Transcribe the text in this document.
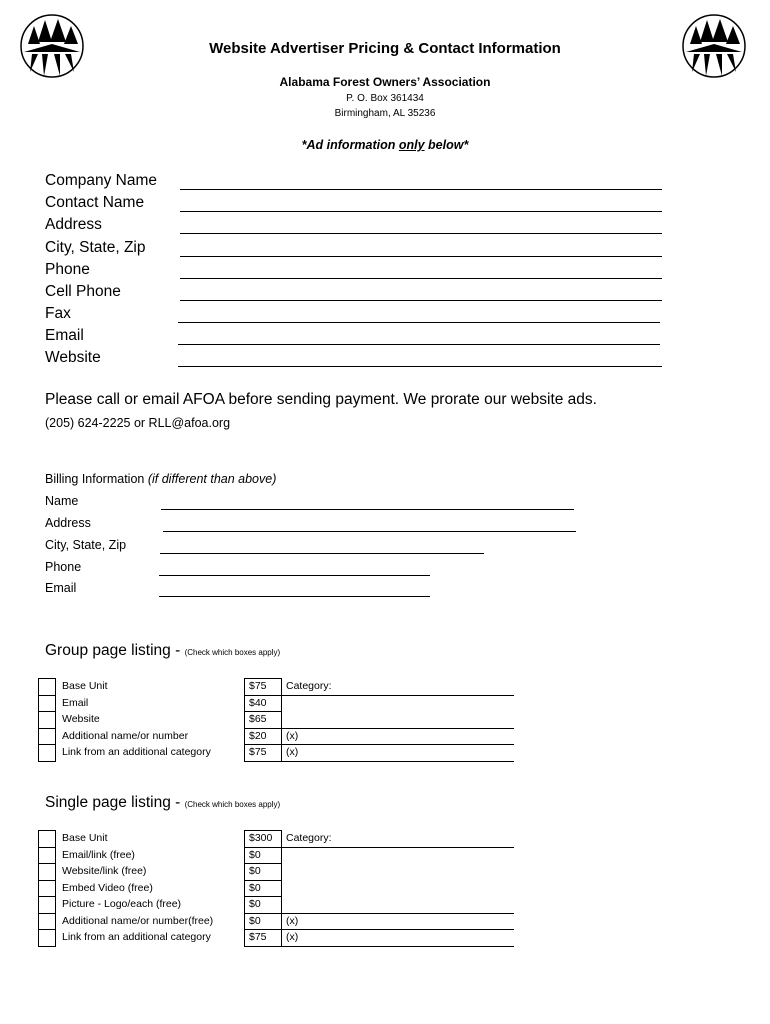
Website Advertiser Pricing & Contact Information
Alabama Forest Owners’ Association
P. O. Box 361434
Birmingham, AL 35236
*Ad information only below*
Company Name
Contact Name
Address
City, State, Zip
Phone
Cell Phone
Fax
Email
Website
Please call or email AFOA before sending payment. We prorate our website ads.
(205) 624-2225 or RLL@afoa.org
Billing Information (if different than above)
Name
Address
City, State, Zip
Phone
Email
Group page listing - (Check which boxes apply)
	Base Unit	$75	Category:
	Email	$40	
	Website	$65	
	Additional name/or number	$20	(x)
	Link from an additional category	$75	(x)
Single page listing - (Check which boxes apply)
	Base Unit	$300	Category:
	Email/link (free)	$0	
	Website/link (free)	$0	
	Embed Video (free)	$0	
	Picture - Logo/each (free)	$0	
	Additional name/or number(free)	$0	(x)
	Link from an additional category	$75	(x)
